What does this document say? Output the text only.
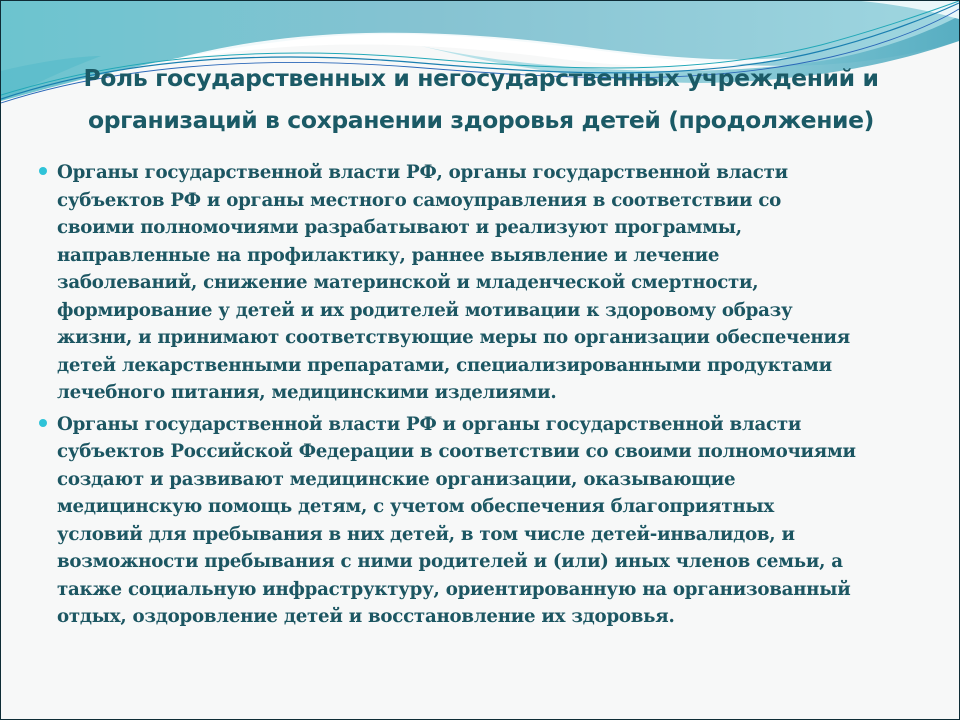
Роль государственных и негосударственных учреждений и
организаций в сохранении здоровья детей (продолжение)
Органы государственной власти РФ, органы государственной власти
субъектов РФ и органы местного самоуправления в соответствии со
своими полномочиями разрабатывают и реализуют программы,
направленные на профилактику, раннее выявление и лечение
заболеваний, снижение материнской и младенческой смертности,
формирование у детей и их родителей мотивации к здоровому образу
жизни, и принимают соответствующие меры по организации обеспечения
детей лекарственными препаратами, специализированными продуктами
лечебного питания, медицинскими изделиями.
Органы государственной власти РФ и органы государственной власти
субъектов Российской Федерации в соответствии со своими полномочиями
создают и развивают медицинские организации, оказывающие
медицинскую помощь детям, с учетом обеспечения благоприятных
условий для пребывания в них детей, в том числе детей-инвалидов, и
возможности пребывания с ними родителей и (или) иных членов семьи, а
также социальную инфраструктуру, ориентированную на организованный
отдых, оздоровление детей и восстановление их здоровья.
